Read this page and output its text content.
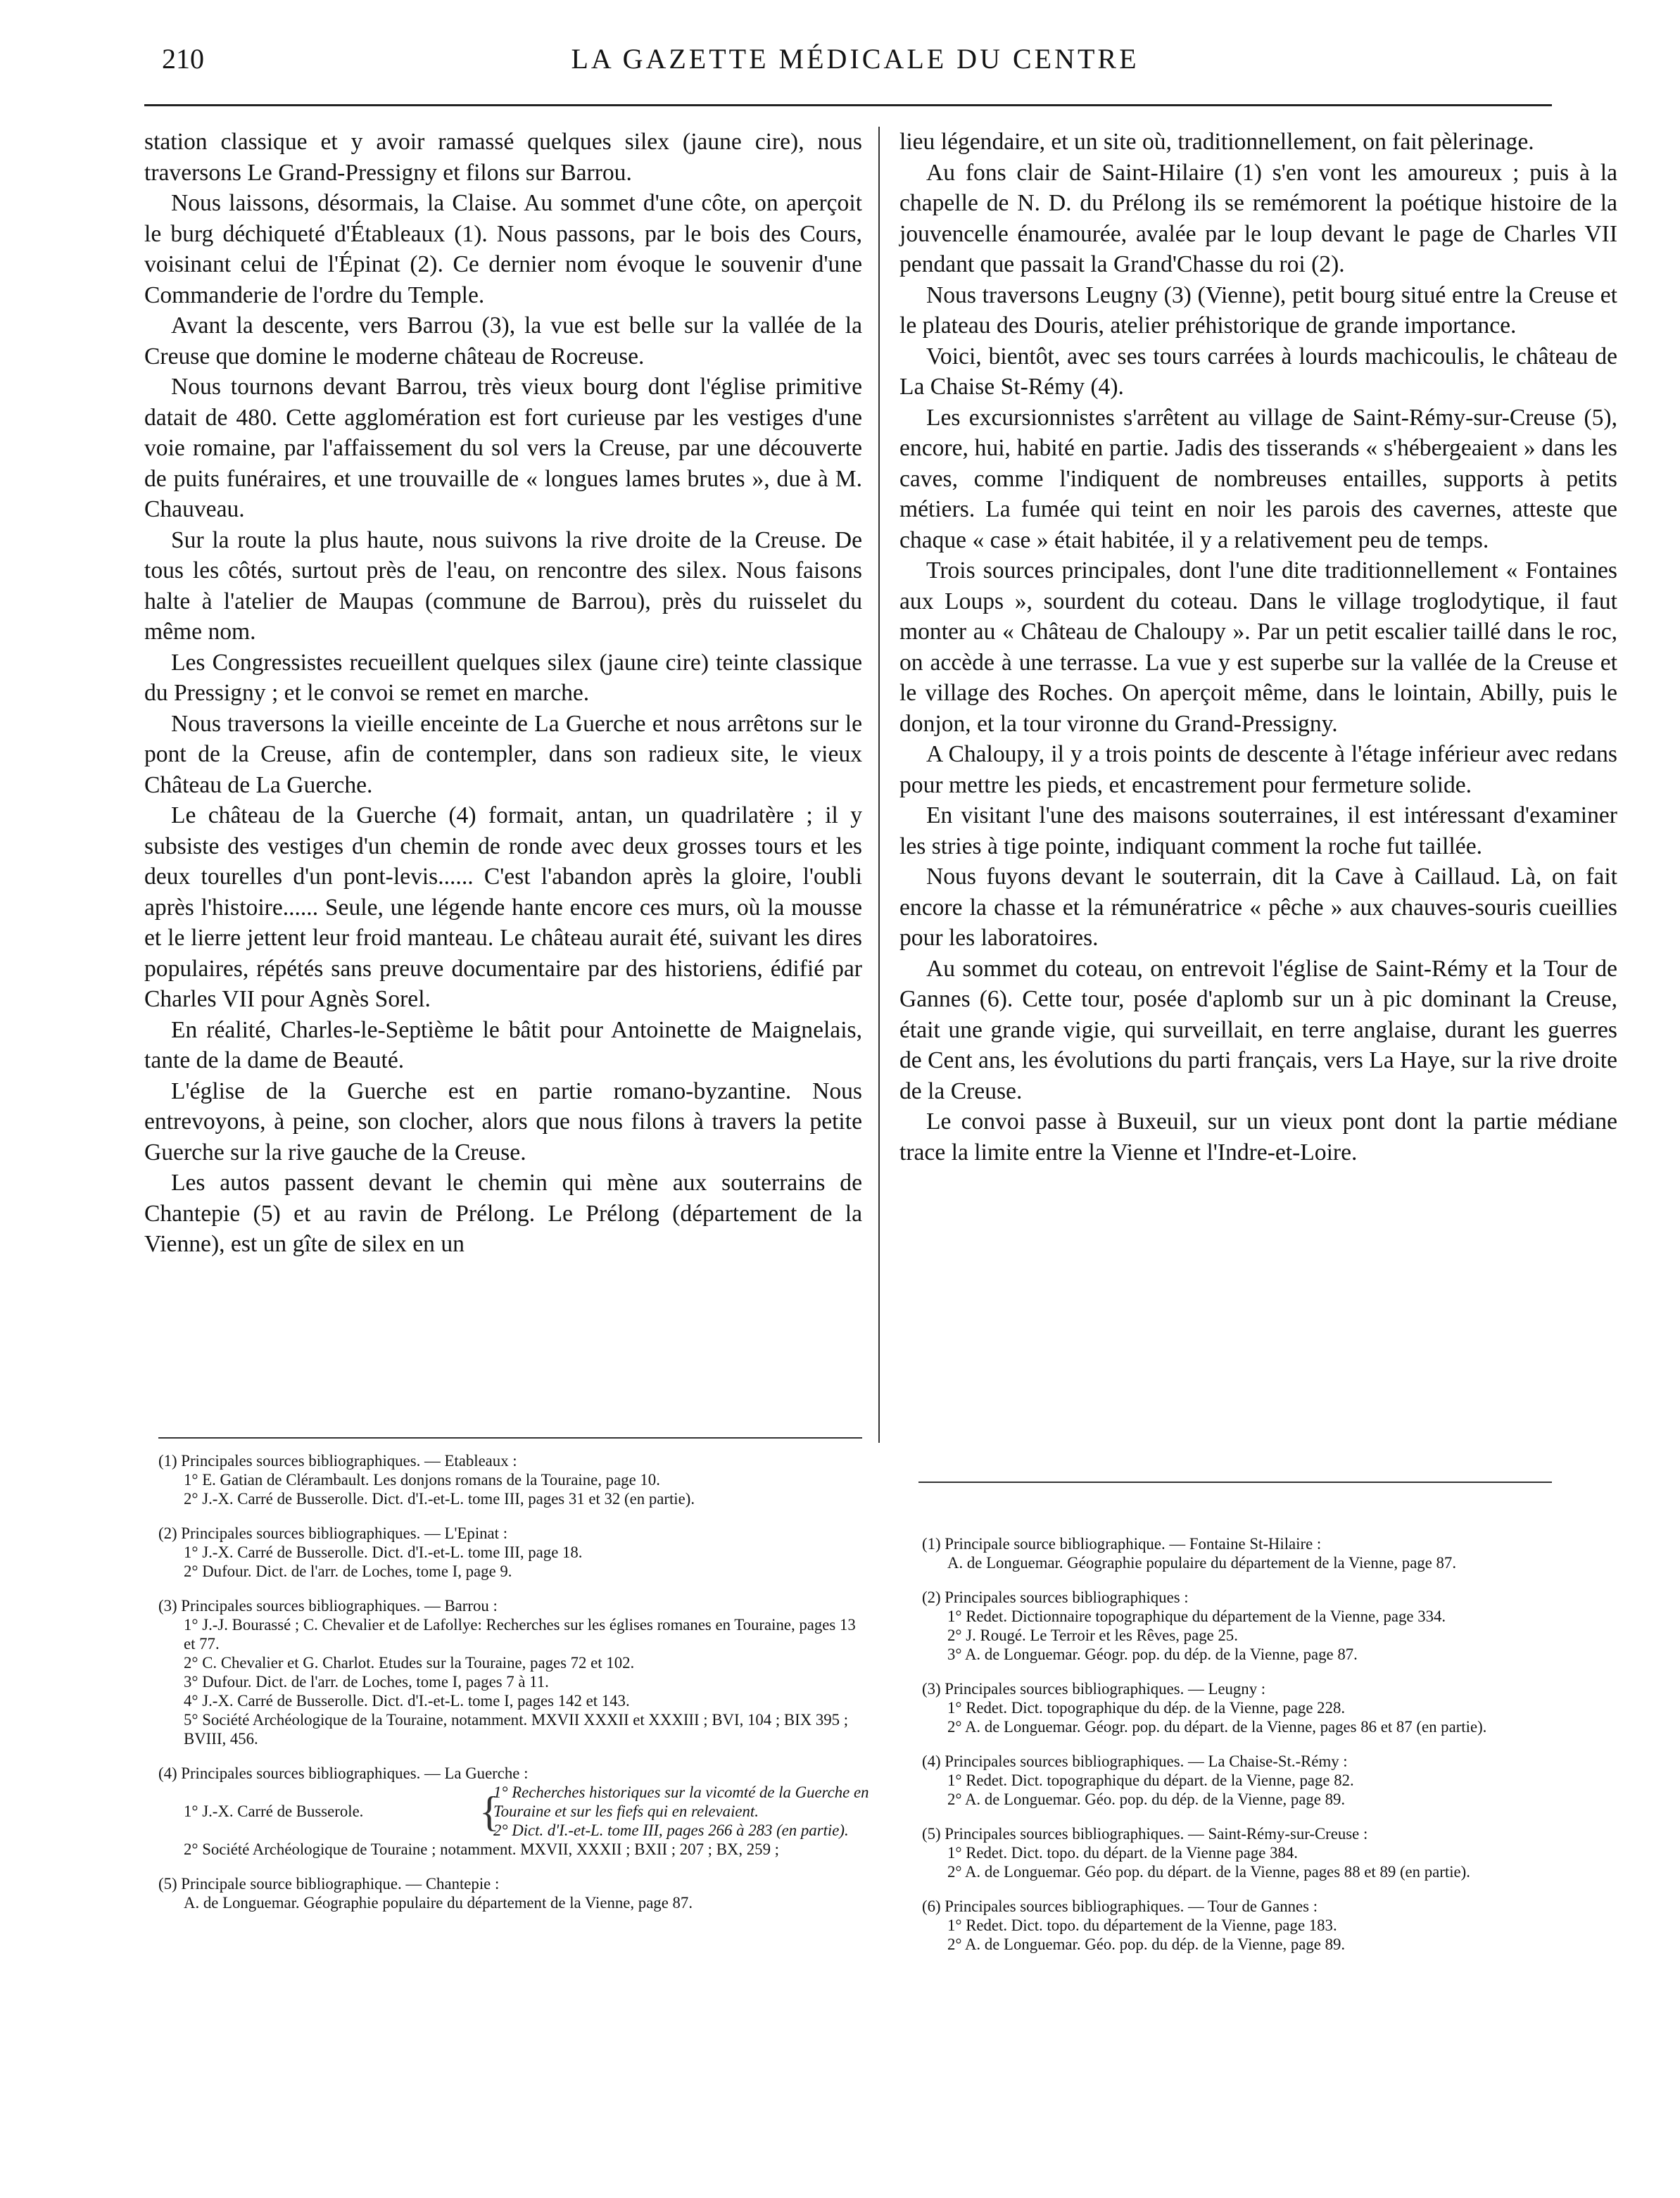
210	LA GAZETTE MÉDICALE DU CENTRE

station classique et y avoir ramassé quelques silex (jaune cire), nous traversons Le Grand-Pressigny et filons sur Barrou.

Nous laissons, désormais, la Claise. Au sommet d'une côte, on aperçoit le burg déchiqueté d'Étableaux (1). Nous passons, par le bois des Cours, voisinant celui de l'Épinat (2). Ce dernier nom évoque le souvenir d'une Commanderie de l'ordre du Temple.

Avant la descente, vers Barrou (3), la vue est belle sur la vallée de la Creuse que domine le moderne château de Rocreuse.

Nous tournons devant Barrou, très vieux bourg dont l'église primitive datait de 480. Cette agglomération est fort curieuse par les vestiges d'une voie romaine, par l'affaissement du sol vers la Creuse, par une découverte de puits funéraires, et une trouvaille de « longues lames brutes », due à M. Chauveau.

Sur la route la plus haute, nous suivons la rive droite de la Creuse. De tous les côtés, surtout près de l'eau, on rencontre des silex. Nous faisons halte à l'atelier de Maupas (commune de Barrou), près du ruisselet du même nom.

Les Congressistes recueillent quelques silex (jaune cire) teinte classique du Pressigny ; et le convoi se remet en marche.

Nous traversons la vieille enceinte de La Guerche et nous arrêtons sur le pont de la Creuse, afin de contempler, dans son radieux site, le vieux Château de La Guerche.

Le château de la Guerche (4) formait, antan, un quadrilatère ; il y subsiste des vestiges d'un chemin de ronde avec deux grosses tours et les deux tourelles d'un pont-levis...... C'est l'abandon après la gloire, l'oubli après l'histoire...... Seule, une légende hante encore ces murs, où la mousse et le lierre jettent leur froid manteau. Le château aurait été, suivant les dires populaires, répétés sans preuve documentaire par des historiens, édifié par Charles VII pour Agnès Sorel.

En réalité, Charles-le-Septième le bâtit pour Antoinette de Maignelais, tante de la dame de Beauté.

L'église de la Guerche est en partie romano-byzantine. Nous entrevoyons, à peine, son clocher, alors que nous filons à travers la petite Guerche sur la rive gauche de la Creuse.

Les autos passent devant le chemin qui mène aux souterrains de Chantepie (5) et au ravin de Prélong. Le Prélong (département de la Vienne), est un gîte de silex en un

lieu légendaire, et un site où, traditionnellement, on fait pèlerinage.

Au fons clair de Saint-Hilaire (1) s'en vont les amoureux ; puis à la chapelle de N. D. du Prélong ils se remémorent la poétique histoire de la jouvencelle énamourée, avalée par le loup devant le page de Charles VII pendant que passait la Grand'Chasse du roi (2).

Nous traversons Leugny (3) (Vienne), petit bourg situé entre la Creuse et le plateau des Douris, atelier préhistorique de grande importance.

Voici, bientôt, avec ses tours carrées à lourds machicoulis, le château de La Chaise St-Rémy (4).

Les excursionnistes s'arrêtent au village de Saint-Rémy-sur-Creuse (5), encore, hui, habité en partie. Jadis des tisserands « s'hébergeaient » dans les caves, comme l'indiquent de nombreuses entailles, supports à petits métiers. La fumée qui teint en noir les parois des cavernes, atteste que chaque « case » était habitée, il y a relativement peu de temps.

Trois sources principales, dont l'une dite traditionnellement « Fontaines aux Loups », sourdent du coteau. Dans le village troglodytique, il faut monter au « Château de Chaloupy ». Par un petit escalier taillé dans le roc, on accède à une terrasse. La vue y est superbe sur la vallée de la Creuse et le village des Roches. On aperçoit même, dans le lointain, Abilly, puis le donjon, et la tour vironne du Grand-Pressigny.

A Chaloupy, il y a trois points de descente à l'étage inférieur avec redans pour mettre les pieds, et encastrement pour fermeture solide.

En visitant l'une des maisons souterraines, il est intéressant d'examiner les stries à tige pointe, indiquant comment la roche fut taillée.

Nous fuyons devant le souterrain, dit la Cave à Caillaud. Là, on fait encore la chasse et la rémunératrice « pêche » aux chauves-souris cueillies pour les laboratoires.

Au sommet du coteau, on entrevoit l'église de Saint-Rémy et la Tour de Gannes (6). Cette tour, posée d'aplomb sur un à pic dominant la Creuse, était une grande vigie, qui surveillait, en terre anglaise, durant les guerres de Cent ans, les évolutions du parti français, vers La Haye, sur la rive droite de la Creuse.

Le convoi passe à Buxeuil, sur un vieux pont dont la partie médiane trace la limite entre la Vienne et l'Indre-et-Loire.

(1) Principales sources bibliographiques. — Etableaux :

1° E. Gatian de Clérambault. Les donjons romans de la Touraine, page 10.

2° J.-X. Carré de Busserolle. Dict. d'I.-et-L. tome III, pages 31 et 32 (en partie).

(2) Principales sources bibliographiques. — L'Epinat :

1° J.-X. Carré de Busserolle. Dict. d'I.-et-L. tome III, page 18.

2° Dufour. Dict. de l'arr. de Loches, tome I, page 9.

(3) Principales sources bibliographiques. — Barrou :

1° J.-J. Bourassé ; C. Chevalier et de Lafollye: Recherches sur les églises romanes en Touraine, pages 13 et 77.

2° C. Chevalier et G. Charlot. Etudes sur la Touraine, pages 72 et 102.

3° Dufour. Dict. de l'arr. de Loches, tome I, pages 7 à 11.

4° J.-X. Carré de Busserolle. Dict. d'I.-et-L. tome I, pages 142 et 143.

5° Société Archéologique de la Touraine, notamment. MXVII XXXII et XXXIII ; BVI, 104 ; BIX 395 ; BVIII, 456.

(4) Principales sources bibliographiques. — La Guerche :

1° J.-X. Carré de Busserole.	{

1° Recherches historiques sur la vicomté de la Guerche en Touraine et sur les fiefs qui en relevaient.

2° Dict. d'I.-et-L. tome III, pages 266 à 283 (en partie).

2° Société Archéologique de Touraine ; notamment. MXVII, XXXII ; BXII ; 207 ; BX, 259 ;

(5) Principale source bibliographique. — Chantepie :

A. de Longuemar. Géographie populaire du département de la Vienne, page 87.

(1) Principale source bibliographique. — Fontaine St-Hilaire :

A. de Longuemar. Géographie populaire du département de la Vienne, page 87.

(2) Principales sources bibliographiques :

1° Redet. Dictionnaire topographique du département de la Vienne, page 334.

2° J. Rougé. Le Terroir et les Rêves, page 25.

3° A. de Longuemar. Géogr. pop. du dép. de la Vienne, page 87.

(3) Principales sources bibliographiques. — Leugny :

1° Redet. Dict. topographique du dép. de la Vienne, page 228.

2° A. de Longuemar. Géogr. pop. du départ. de la Vienne, pages 86 et 87 (en partie).

(4) Principales sources bibliographiques. — La Chaise-St.-Rémy :

1° Redet. Dict. topographique du départ. de la Vienne, page 82.

2° A. de Longuemar. Géo. pop. du dép. de la Vienne, page 89.

(5) Principales sources bibliographiques. — Saint-Rémy-sur-Creuse :

1° Redet. Dict. topo. du départ. de la Vienne page 384.

2° A. de Longuemar. Géo pop. du départ. de la Vienne, pages 88 et 89 (en partie).

(6) Principales sources bibliographiques. — Tour de Gannes :

1° Redet. Dict. topo. du département de la Vienne, page 183.

2° A. de Longuemar. Géo. pop. du dép. de la Vienne, page 89.
